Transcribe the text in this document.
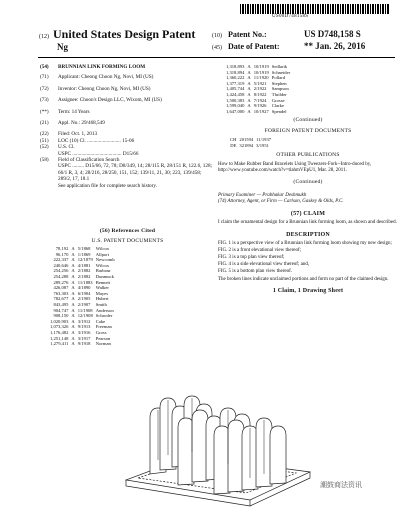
US00D748158S
(12) United States Design Patent
Ng
(10) Patent No.:	US D748,158 S
(45) Date of Patent:	** Jan. 26, 2016
(54) BRUNNIAN LINK FORMING LOOM
(71) Applicant: Cheong Choon Ng, Novi, MI (US)
(72) Inventor: Cheong Choon Ng, Novi, MI (US)
(73) Assignee: Choon's Design LLC, Wixom, MI (US)
(**) Term: 14 Years
(21) Appl. No.: 29/468,549
(22) Filed: Oct. 1, 2013
(51) LOC (10) Cl. .......................... 15-06
(52) U.S. Cl.
USPC ...................................... D15/66
(58) Field of Classification Search
USPC ......... D15/66, 72, 78; D8/349, 14; 28/115 R, 28/151 R, 122.6, 128; 66/1 R, 3, 4; 28/216, 28/250, 151, 152; 139/11, 21, 30; 223, 139/458; 289/2, 17, 18.1
See application file for complete search history.
(56) References Cited
U.S. PATENT DOCUMENTS
78,192	A	5/1868	Wilcox
96,170	A	1/1869	Allport
222,337	A	12/1879	Newcomb
240,646	A	4/1881	Wilcox
254,256	A	2/1882	Barbour
254,288	A	2/1882	Dunmuck
289,276	A	11/1883	Bennett
426,087	A	4/1890	Walker
763,303	A	6/1904	Mayes
782,677	A	2/1905	Hubert
843,495	A	2/1907	Smith
904,747	A	11/1908	Anderson
908,150	A	12/1908	Schroder
1,020,903	A	3/1912	Cake
1,073,326	A	9/1913	Freeman
1,176,482	A	3/1916	Gross
1,251,148	A	3/1917	Pearson
1,279,411	A	9/1918	Norman
1,318,893	A	10/1919	Sedlarik
1,318,894	A	10/1919	Schneider
1,360,222	A	11/1920	Pollard
1,377,319	A	5/1921	Stephen
1,405,744	A	2/1922	Sampson
1,424,458	A	8/1922	Thrilder
1,500,383	A	7/1924	Grosse
1,599,040	A	9/1926	Clarke
1,647,000	A	10/1927	Spendel
(Continued)
FOREIGN PATENT DOCUMENTS
CH	201594	11/1937
DE	321894	3/1951
OTHER PUBLICATIONS
How to Make Rubber Band Bracelets Using Tweezers-Fork--Intro-duced by, http://www.youtube.com/watch?v=tlahmVEpU1, Mar. 28, 2011.
(Continued)
Primary Examiner — Prabhakar Deshmukh
(74) Attorney, Agent, or Firm — Carlson, Gaskey & Olds, P.C.
(57) CLAIM
I claim the ornamental design for a Brunnian link forming loom, as shown and described.
DESCRIPTION
FIG. 1 is a perspective view of a Brunnian link forming loom showing my new design;
FIG. 2 is a front elevational view thereof;
FIG. 3 is a top plan view thereof;
FIG. 4 is a side elevational view thereof; and,
FIG. 5 is a bottom plan view thereof.
The broken lines indicate unclaimed portions and form no part of the claimed design.
1 Claim, 1 Drawing Sheet
潮鼓商法资讯
